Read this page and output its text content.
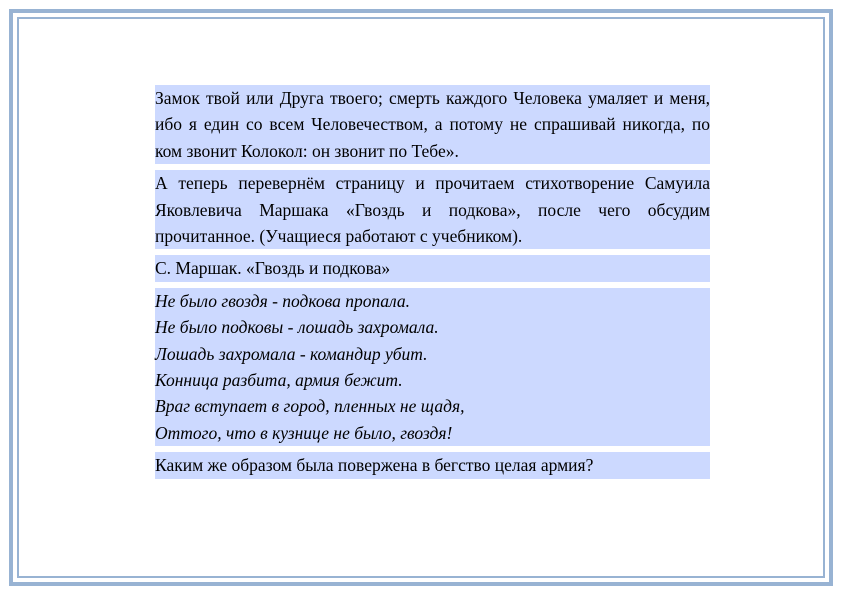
Замок твой или Друга твоего; смерть каждого Человека умаляет и меня, ибо я един со всем Человечеством, а потому не спрашивай никогда, по ком звонит Колокол: он звонит по Тебе».

А теперь перевернём страницу и прочитаем стихотворение Самуила Яковлевича Маршака «Гвоздь и подкова», после чего обсудим прочитанное. (Учащиеся работают с учебником).

С. Маршак. «Гвоздь и подкова»

Не было гвоздя - подкова пропала.
Не было подковы - лошадь захромала.
Лошадь захромала - командир убит.
Конница разбита, армия бежит.
Враг вступает в город, пленных не щадя,
Оттого, что в кузнице не было, гвоздя!

Каким же образом была повержена в бегство целая армия?
